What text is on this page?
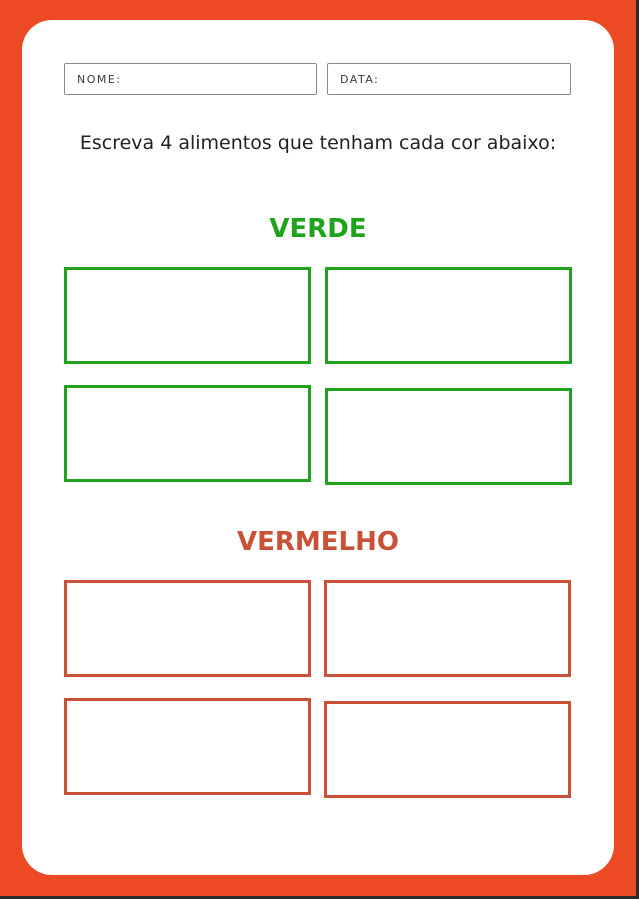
NOME:	DATA:
Escreva 4 alimentos que tenham cada cor abaixo:
VERDE
VERMELHO
